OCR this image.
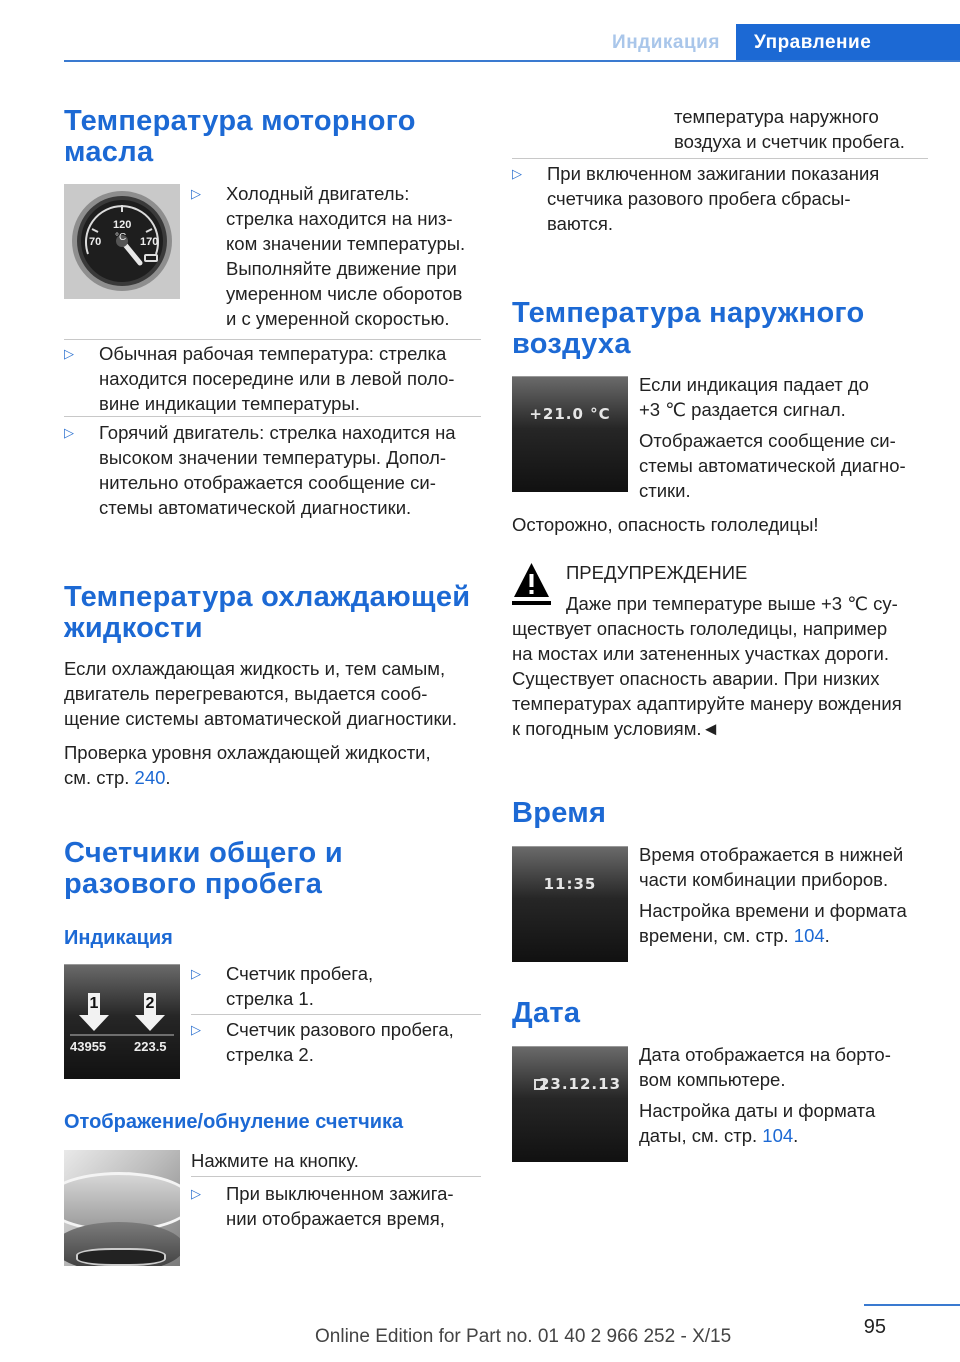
Индикация	Управление
Температура моторного
масла
120
°C
70	170
▷ Холодный двигатель:
стрелка находится на низ-
ком значении температуры.
Выполняйте движение при
умеренном числе оборотов
и с умеренной скоростью.
▷ Обычная рабочая температура: стрелка
находится посередине или в левой поло-
вине индикации температуры.
▷ Горячий двигатель: стрелка находится на
высоком значении температуры. Допол-
нительно отображается сообщение си-
стемы автоматической диагностики.
Температура охлаждающей
жидкости
Если охлаждающая жидкость и, тем самым,
двигатель перегреваются, выдается сооб-
щение системы автоматической диагностики.
Проверка уровня охлаждающей жидкости,
см. стр. 240.
Счетчики общего и
разового пробега
Индикация
1	2
43955 223.5
▷ Счетчик пробега,
стрелка 1.
▷ Счетчик разового пробега,
стрелка 2.
Отображение/обнуление счетчика
Нажмите на кнопку.
▷ При выключенном зажига-
нии отображается время,
температура наружного
воздуха и счетчик пробега.
▷ При включенном зажигании показания
счетчика разового пробега сбрасы-
ваются.
Температура наружного
воздуха
+21.0 °C
Если индикация падает до
+3 ℃ раздается сигнал.
Отображается сообщение си-
стемы автоматической диагно-
стики.
Осторожно, опасность гололедицы!
ПРЕДУПРЕЖДЕНИЕ
Даже при температуре выше +3 ℃ су-
ществует опасность гололедицы, например
на мостах или затененных участках дороги.
Существует опасность аварии. При низких
температурах адаптируйте манеру вождения
к погодным условиям.◄
Время
11:35
Время отображается в нижней
части комбинации приборов.
Настройка времени и формата
времени, см. стр. 104.
Дата
23.12.13
Дата отображается на борто-
вом компьютере.
Настройка даты и формата
даты, см. стр. 104.
95
Online Edition for Part no. 01 40 2 966 252 - X/15
